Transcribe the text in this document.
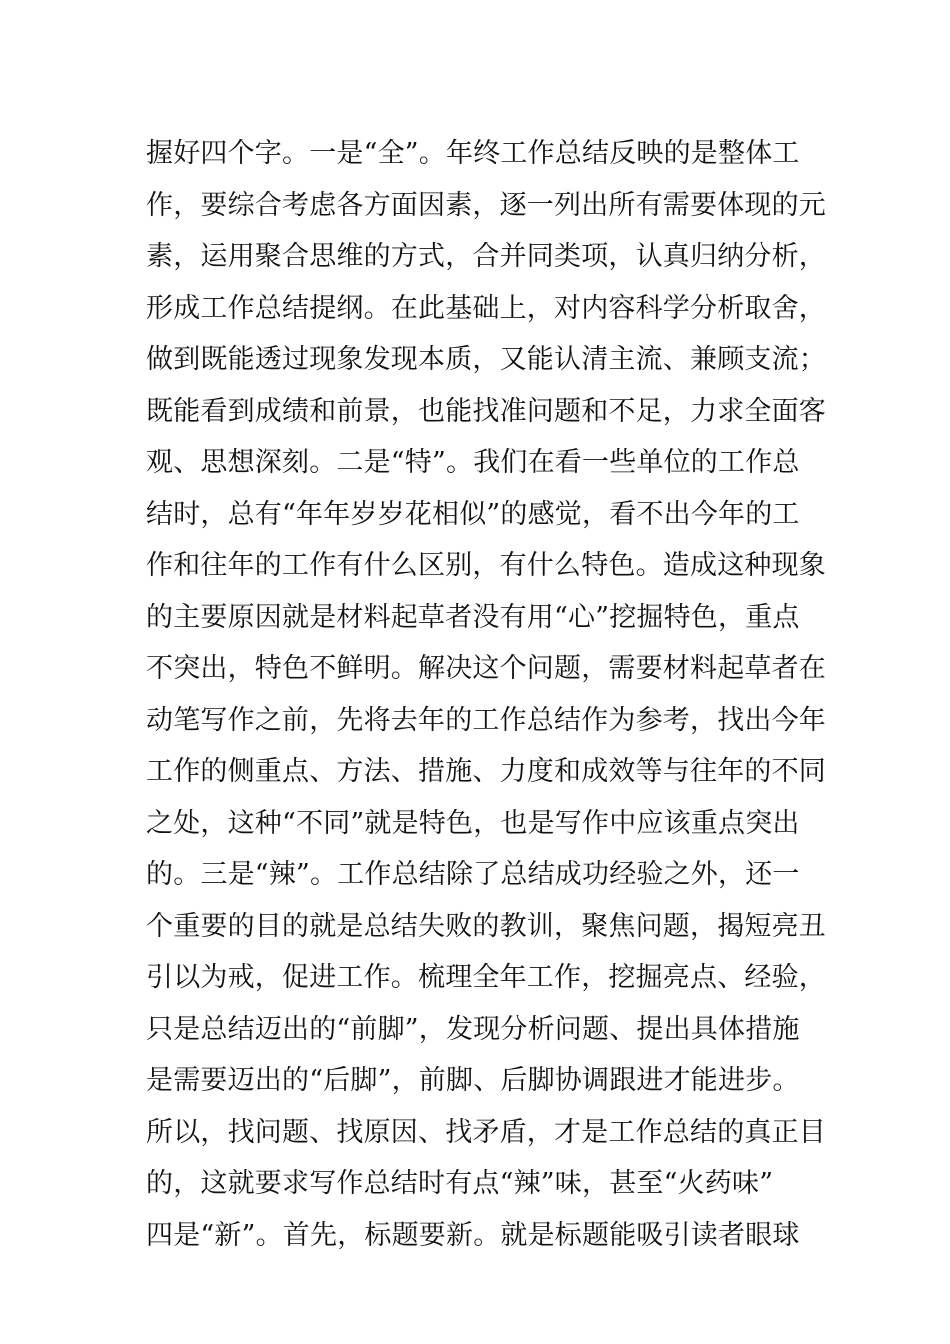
握好四个字。一是“全”。年终工作总结反映的是整体工
作，要综合考虑各方面因素，逐一列出所有需要体现的元
素，运用聚合思维的方式，合并同类项，认真归纳分析，
形成工作总结提纲。在此基础上，对内容科学分析取舍，
做到既能透过现象发现本质，又能认清主流、兼顾支流；
既能看到成绩和前景，也能找准问题和不足，力求全面客
观、思想深刻。二是“特”。我们在看一些单位的工作总
结时，总有“年年岁岁花相似”的感觉，看不出今年的工
作和往年的工作有什么区别，有什么特色。造成这种现象
的主要原因就是材料起草者没有用“心”挖掘特色，重点
不突出，特色不鲜明。解决这个问题，需要材料起草者在
动笔写作之前，先将去年的工作总结作为参考，找出今年
工作的侧重点、方法、措施、力度和成效等与往年的不同
之处，这种“不同”就是特色，也是写作中应该重点突出
的。三是“辣”。工作总结除了总结成功经验之外，还一
个重要的目的就是总结失败的教训，聚焦问题，揭短亮丑
引以为戒，促进工作。梳理全年工作，挖掘亮点、经验，
只是总结迈出的“前脚”，发现分析问题、提出具体措施
是需要迈出的“后脚”，前脚、后脚协调跟进才能进步。
所以，找问题、找原因、找矛盾，才是工作总结的真正目
的，这就要求写作总结时有点“辣”味，甚至“火药味”
四是“新”。首先，标题要新。就是标题能吸引读者眼球
